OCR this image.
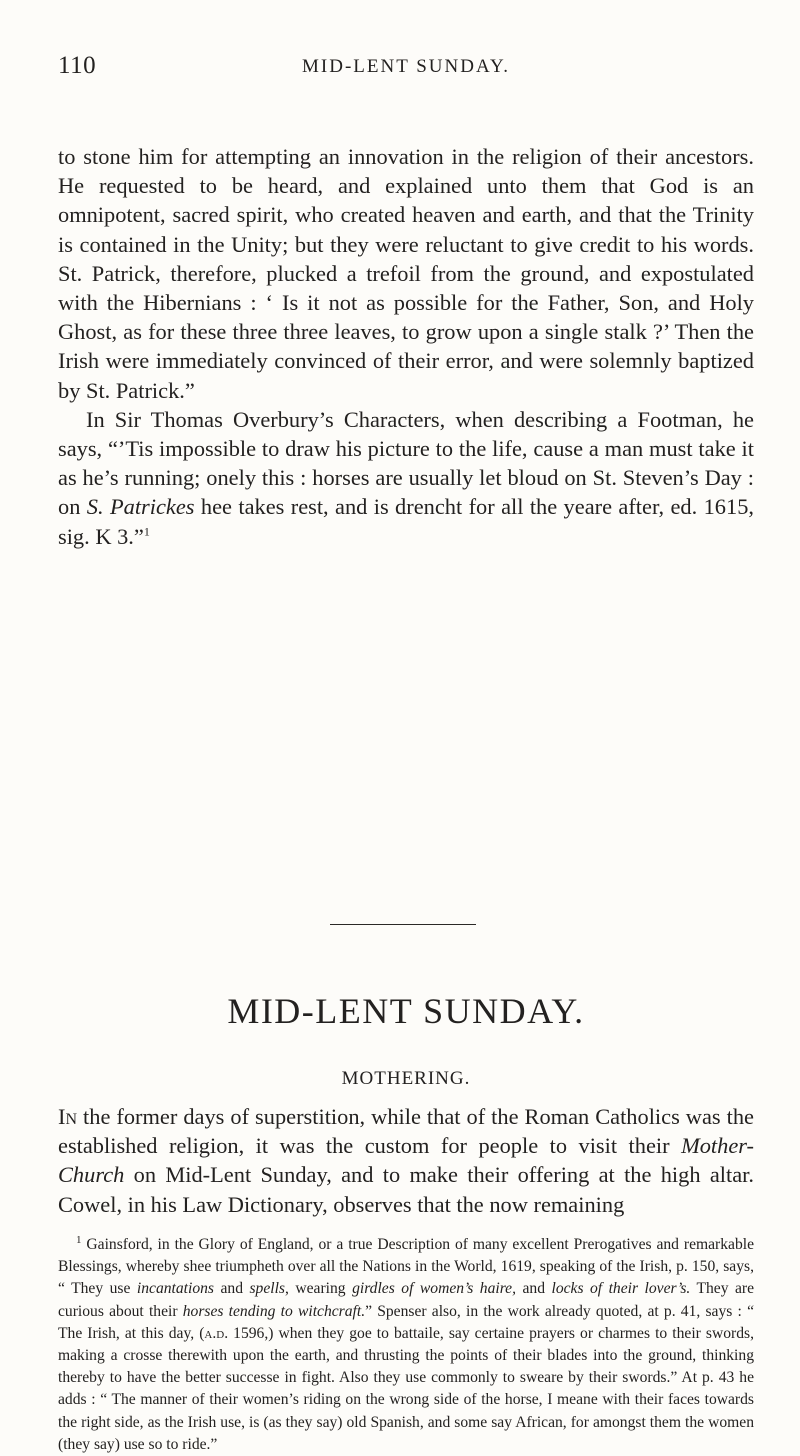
110	MID-LENT SUNDAY.

to stone him for attempting an innovation in the religion of their ancestors. He requested to be heard, and explained unto them that God is an omnipotent, sacred spirit, who created heaven and earth, and that the Trinity is contained in the Unity; but they were reluctant to give credit to his words. St. Patrick, therefore, plucked a trefoil from the ground, and expostulated with the Hibernians : ‘ Is it not as possible for the Father, Son, and Holy Ghost, as for these three three leaves, to grow upon a single stalk ?’ Then the Irish were immediately convinced of their error, and were solemnly baptized by St. Patrick.”

In Sir Thomas Overbury’s Characters, when describing a Footman, he says, “’Tis impossible to draw his picture to the life, cause a man must take it as he’s running; onely this : horses are usually let bloud on St. Steven’s Day : on S. Patrickes hee takes rest, and is drencht for all the yeare after, ed. 1615, sig. K 3.”$^1$

MID-LENT SUNDAY.
MOTHERING.

In the former days of superstition, while that of the Roman Catholics was the established religion, it was the custom for people to visit their Mother-Church on Mid-Lent Sunday, and to make their offering at the high altar. Cowel, in his Law Dictionary, observes that the now remaining

$^1$ Gainsford, in the Glory of England, or a true Description of many excellent Prerogatives and remarkable Blessings, whereby shee triumpheth over all the Nations in the World, 1619, speaking of the Irish, p. 150, says, “ They use incantations and spells, wearing girdles of women’s haire, and locks of their lover’s. They are curious about their horses tending to witchcraft.” Spenser also, in the work already quoted, at p. 41, says : “ The Irish, at this day, (a.d. 1596,) when they goe to battaile, say certaine prayers or charmes to their swords, making a crosse therewith upon the earth, and thrusting the points of their blades into the ground, thinking thereby to have the better successe in fight. Also they use commonly to sweare by their swords.” At p. 43 he adds : “ The manner of their women’s riding on the wrong side of the horse, I meane with their faces towards the right side, as the Irish use, is (as they say) old Spanish, and some say African, for amongst them the women (they say) use so to ride.”
